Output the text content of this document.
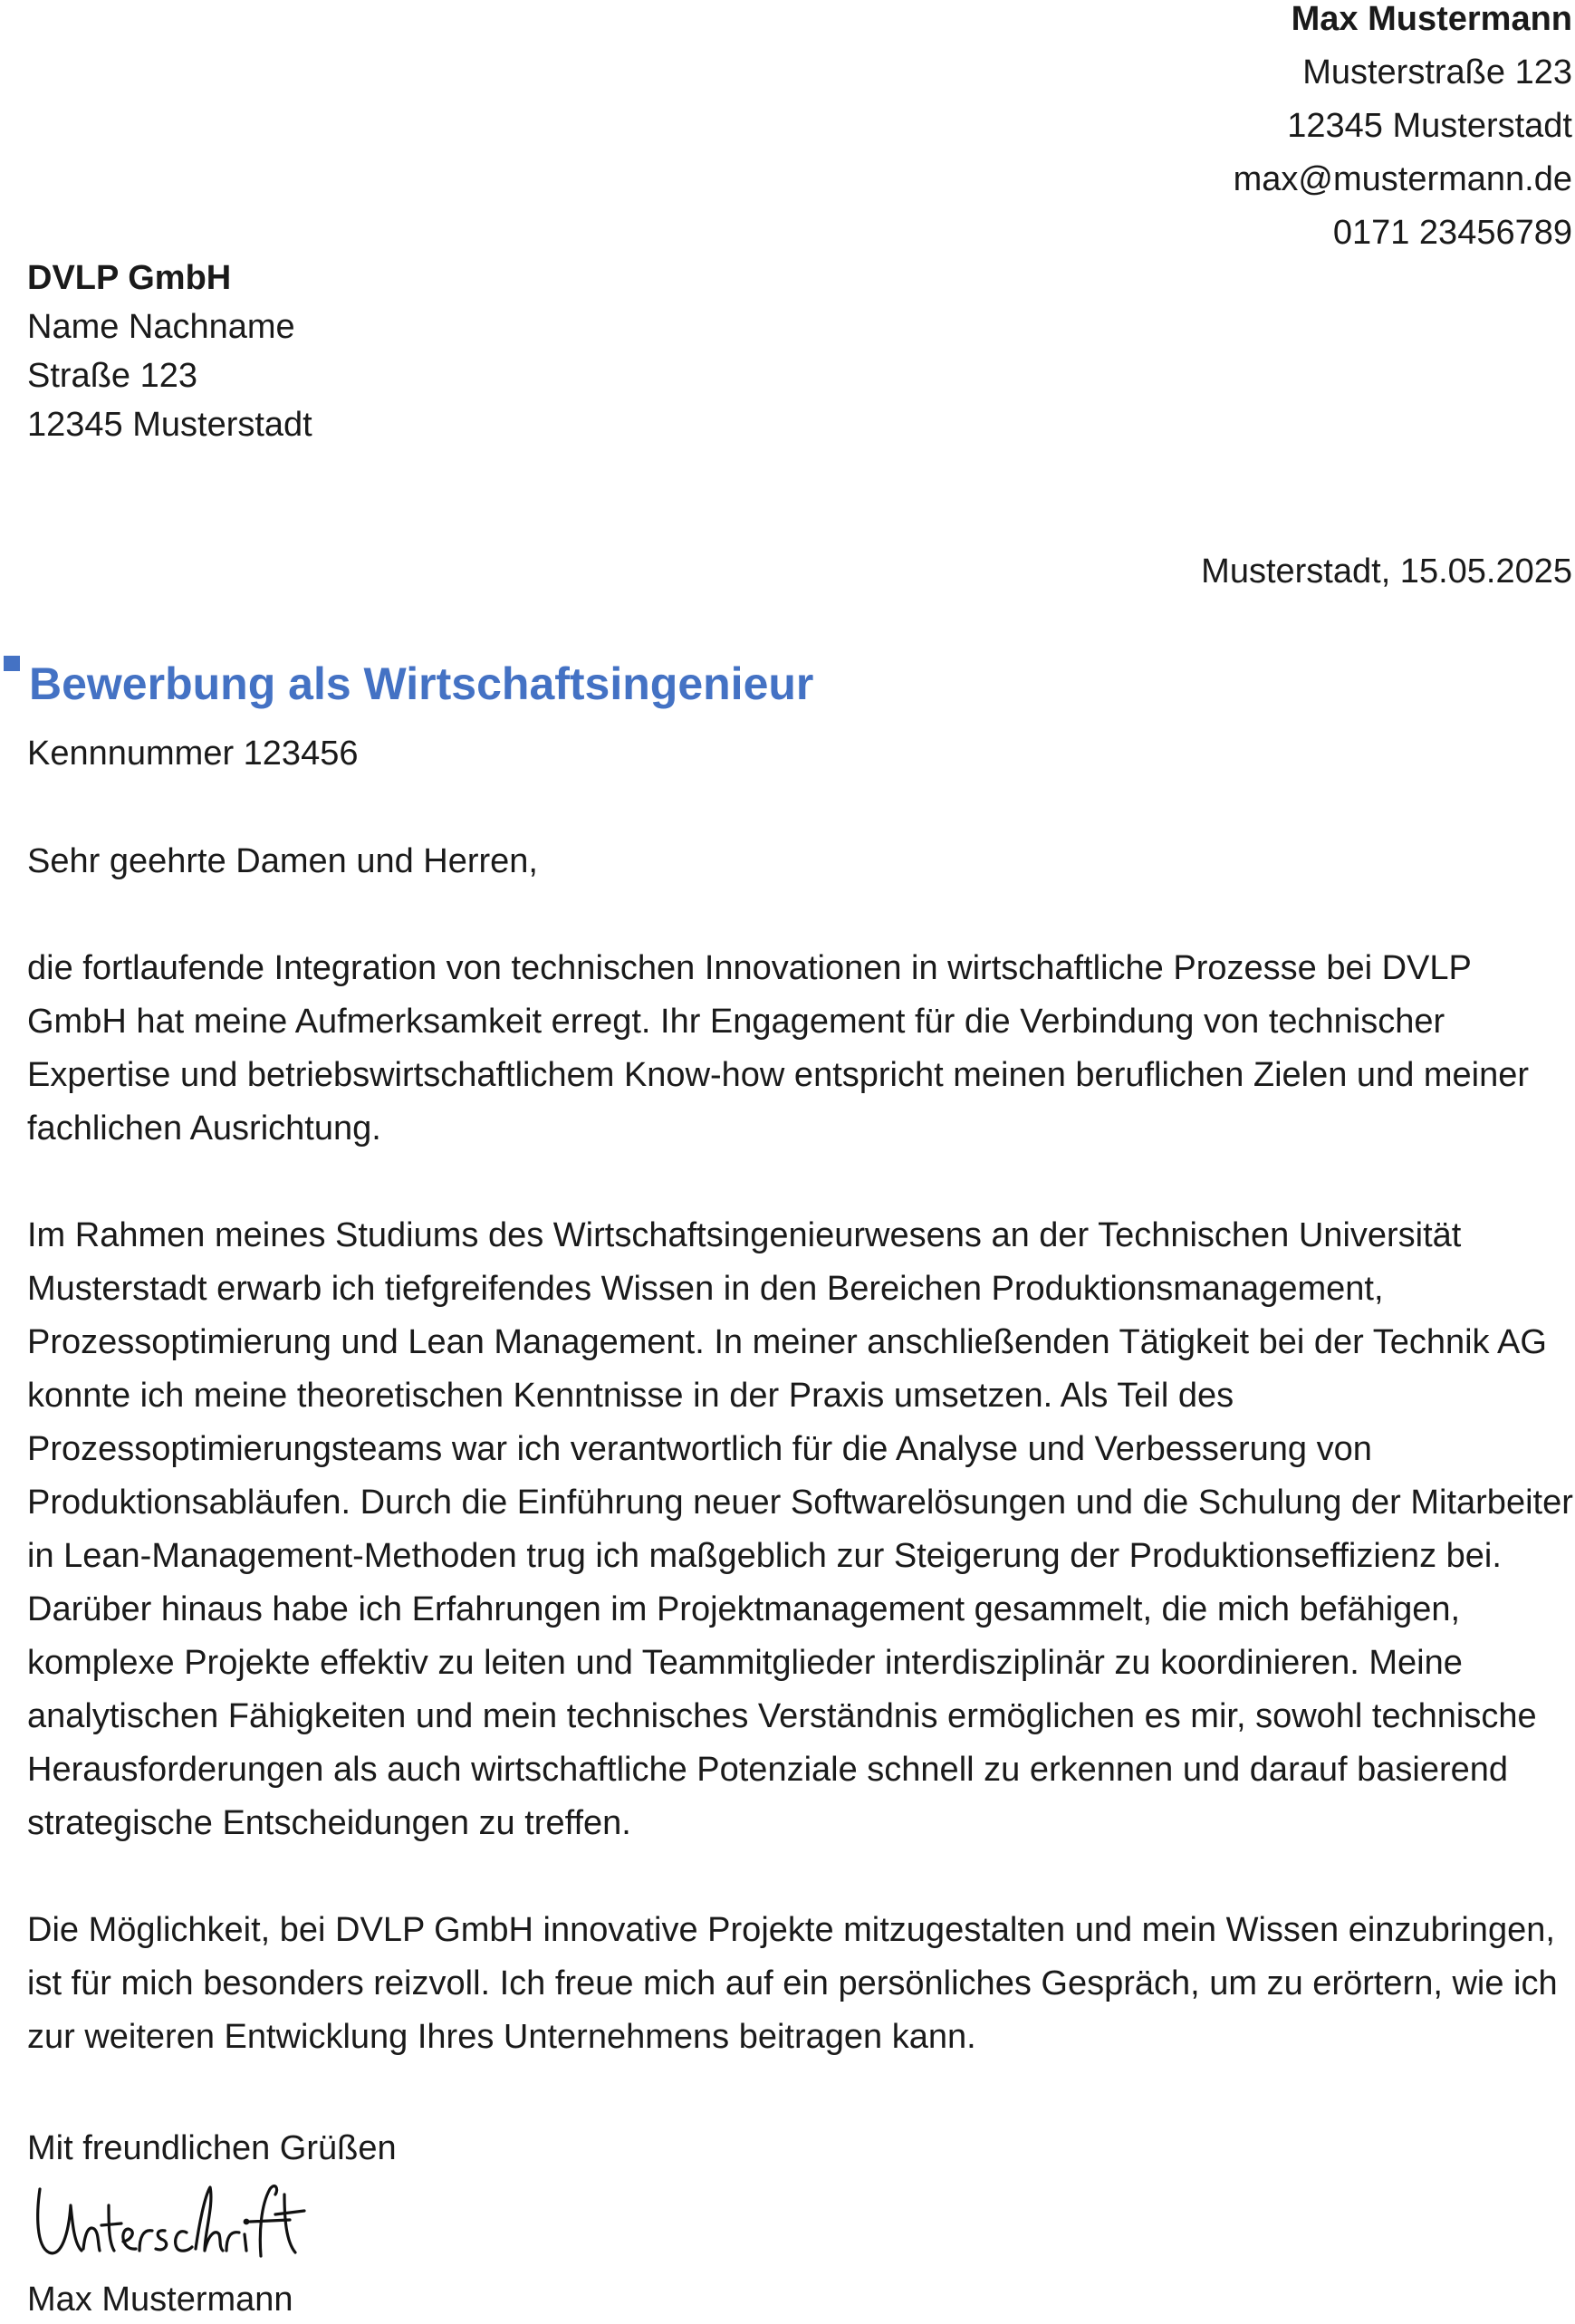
Max Mustermann
Musterstraße 123
12345 Musterstadt
max@mustermann.de
0171 23456789
DVLP GmbH
Name Nachname
Straße 123
12345 Musterstadt
Musterstadt, 15.05.2025
Bewerbung als Wirtschaftsingenieur
Kennnummer 123456

Sehr geehrte Damen und Herren,

die fortlaufende Integration von technischen Innovationen in wirtschaftliche Prozesse bei DVLP GmbH hat meine Aufmerksamkeit erregt. Ihr Engagement für die Verbindung von technischer Expertise und betriebswirtschaftlichem Know-how entspricht meinen beruflichen Zielen und meiner fachlichen Ausrichtung.

Im Rahmen meines Studiums des Wirtschaftsingenieurwesens an der Technischen Universität Musterstadt erwarb ich tiefgreifendes Wissen in den Bereichen Produktionsmanagement, Prozessoptimierung und Lean Management. In meiner anschließenden Tätigkeit bei der Technik AG konnte ich meine theoretischen Kenntnisse in der Praxis umsetzen. Als Teil des Prozessoptimierungsteams war ich verantwortlich für die Analyse und Verbesserung von Produktionsabläufen. Durch die Einführung neuer Softwarelösungen und die Schulung der Mitarbeiter in Lean-Management-Methoden trug ich maßgeblich zur Steigerung der Produktionseffizienz bei. Darüber hinaus habe ich Erfahrungen im Projektmanagement gesammelt, die mich befähigen, komplexe Projekte effektiv zu leiten und Teammitglieder interdisziplinär zu koordinieren. Meine analytischen Fähigkeiten und mein technisches Verständnis ermöglichen es mir, sowohl technische Herausforderungen als auch wirtschaftliche Potenziale schnell zu erkennen und darauf basierend strategische Entscheidungen zu treffen.

Die Möglichkeit, bei DVLP GmbH innovative Projekte mitzugestalten und mein Wissen einzubringen, ist für mich besonders reizvoll. Ich freue mich auf ein persönliches Gespräch, um zu erörtern, wie ich zur weiteren Entwicklung Ihres Unternehmens beitragen kann.

Mit freundlichen Grüßen
Max Mustermann
